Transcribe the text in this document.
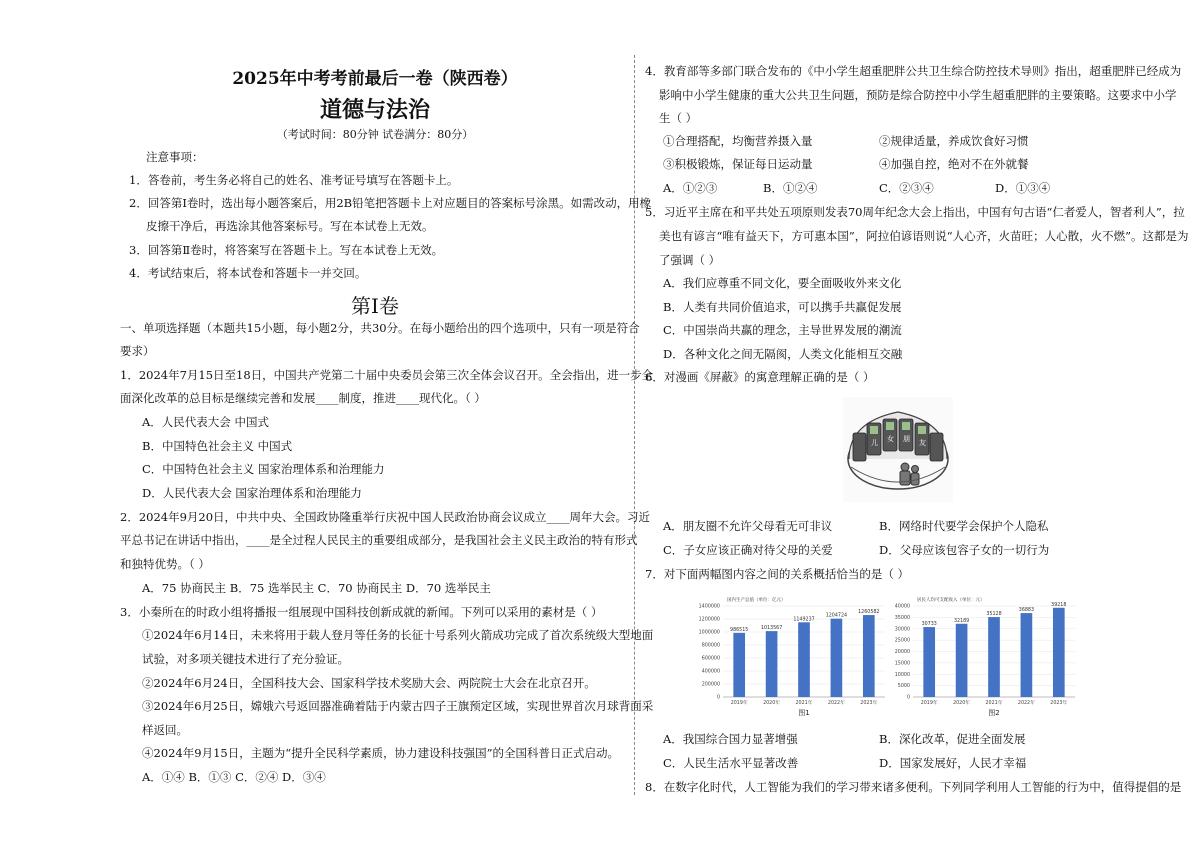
2025年中考考前最后一卷（陕西卷）
道德与法治
（考试时间：80分钟 试卷满分：80分）
注意事项：
1．答卷前，考生务必将自己的姓名、准考证号填写在答题卡上。
2．回答第Ⅰ卷时，选出每小题答案后，用2B铅笔把答题卡上对应题目的答案标号涂黑。如需改动，用橡
皮擦干净后，再选涂其他答案标号。写在本试卷上无效。
3．回答第Ⅱ卷时，将答案写在答题卡上。写在本试卷上无效。
4．考试结束后，将本试卷和答题卡一并交回。
第Ⅰ卷
一、单项选择题（本题共15小题，每小题2分，共30分。在每小题给出的四个选项中，只有一项是符合
要求）
1．2024年7月15日至18日，中国共产党第二十届中央委员会第三次全体会议召开。全会指出，进一步全
面深化改革的总目标是继续完善和发展____制度，推进____现代化。（ ）
A．人民代表大会 中国式
B．中国特色社会主义 中国式
C．中国特色社会主义 国家治理体系和治理能力
D．人民代表大会 国家治理体系和治理能力
2．2024年9月20日，中共中央、全国政协隆重举行庆祝中国人民政治协商会议成立____周年大会。习近
平总书记在讲话中指出，____是全过程人民民主的重要组成部分，是我国社会主义民主政治的特有形式
和独特优势。（ ）
A．75 协商民主 B．75 选举民主 C．70 协商民主 D．70 选举民主
3．小秦所在的时政小组将播报一组展现中国科技创新成就的新闻。下列可以采用的素材是（ ）
①2024年6月14日，未来将用于载人登月等任务的长征十号系列火箭成功完成了首次系统级大型地面
试验，对多项关键技术进行了充分验证。
②2024年6月24日，全国科技大会、国家科学技术奖励大会、两院院士大会在北京召开。
③2024年6月25日，嫦娥六号返回器准确着陆于内蒙古四子王旗预定区域，实现世界首次月球背面采
样返回。
④2024年9月15日，主题为“提升全民科学素质，协力建设科技强国”的全国科普日正式启动。
A．①④ B．①③ C．②④ D．③④
4．教育部等多部门联合发布的《中小学生超重肥胖公共卫生综合防控技术导则》指出，超重肥胖已经成为
影响中小学生健康的重大公共卫生问题，预防是综合防控中小学生超重肥胖的主要策略。这要求中小学
生（ ）
①合理搭配，均衡营养摄入量	②规律适量，养成饮食好习惯
③积极锻炼，保证每日运动量	④加强自控，绝对不在外就餐
A．①②③	B．①②④	C．②③④	D．①③④
5．习近平主席在和平共处五项原则发表70周年纪念大会上指出，中国有句古语“仁者爱人，智者利人”，拉
美也有谚言“唯有益天下，方可惠本国”，阿拉伯谚语则说“人心齐，火苗旺；人心散，火不燃”。这都是为
了强调（ ）
A．我们应尊重不同文化，要全面吸收外来文化
B．人类有共同价值追求，可以携手共赢促发展
C．中国崇尚共赢的理念，主导世界发展的潮流
D．各种文化之间无隔阂，人类文化能相互交融
6．对漫画《屏蔽》的寓意理解正确的是（ ）
儿 女 朋 友
A．朋友圈不允许父母看无可非议	B．网络时代要学会保护个人隐私
C．子女应该正确对待父母的关爱	D．父母应该包容子女的一切行为
7．对下面两幅图内容之间的关系概括恰当的是（ ）
国内生产总值（单位：亿元）
1400000
1200000
1000000
800000
600000
400000
200000
0
986515
2019年
1013567
2020年
1149237
2021年
1204724
2022年
1260582
2023年
图1
居民人均可支配收入（单位：元）
40000
35000
30000
25000
20000
15000
10000
5000
0
30733
2019年
32189
2020年
35128
2021年
36883
2022年
39218
2023年
图2
A．我国综合国力显著增强	B．深化改革，促进全面发展
C．人民生活水平显著改善	D．国家发展好，人民才幸福
8．在数字化时代，人工智能为我们的学习带来诸多便利。下列同学利用人工智能的行为中，值得提倡的是
